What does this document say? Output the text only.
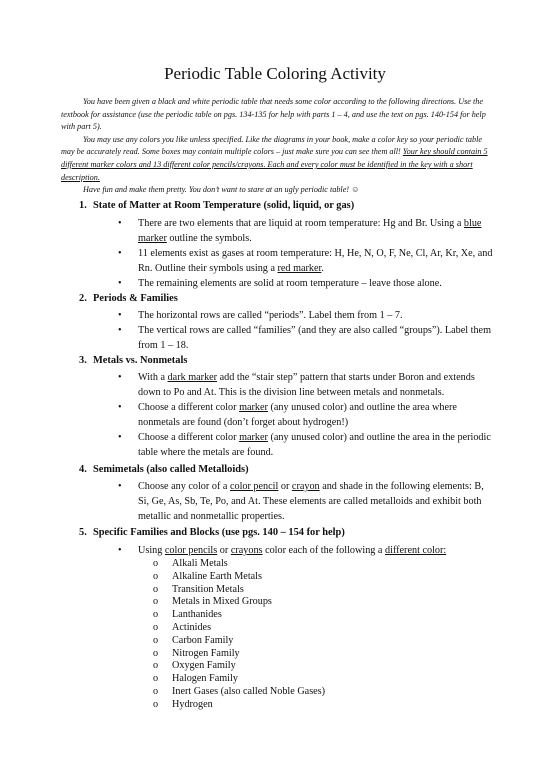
Periodic Table Coloring Activity

You have been given a black and white periodic table that needs some color according to the following directions. Use the textbook for assistance (use the periodic table on pgs. 134-135 for help with parts 1 – 4, and use the text on pgs. 140-154 for help with part 5).

You may use any colors you like unless specified. Like the diagrams in your book, make a color key so your periodic table may be accurately read. Some boxes may contain multiple colors – just make sure you can see them all! Your key should contain 5 different marker colors and 13 different color pencils/crayons. Each and every color must be identified in the key with a short description.

Have fun and make them pretty. You don’t want to stare at an ugly periodic table! ☺

1. State of Matter at Room Temperature (solid, liquid, or gas)
• There are two elements that are liquid at room temperature: Hg and Br. Using a blue marker outline the symbols.
• 11 elements exist as gases at room temperature: H, He, N, O, F, Ne, Cl, Ar, Kr, Xe, and Rn. Outline their symbols using a red marker.
• The remaining elements are solid at room temperature – leave those alone.
2. Periods & Families
• The horizontal rows are called “periods”. Label them from 1 – 7.
• The vertical rows are called “families” (and they are also called “groups”). Label them from 1 – 18.
3. Metals vs. Nonmetals
• With a dark marker add the “stair step” pattern that starts under Boron and extends down to Po and At. This is the division line between metals and nonmetals.
• Choose a different color marker (any unused color) and outline the area where nonmetals are found (don’t forget about hydrogen!)
• Choose a different color marker (any unused color) and outline the area in the periodic table where the metals are found.
4. Semimetals (also called Metalloids)
• Choose any color of a color pencil or crayon and shade in the following elements: B, Si, Ge, As, Sb, Te, Po, and At. These elements are called metalloids and exhibit both metallic and nonmetallic properties.
5. Specific Families and Blocks (use pgs. 140 – 154 for help)
• Using color pencils or crayons color each of the following a different color:
o Alkali Metals
o Alkaline Earth Metals
o Transition Metals
o Metals in Mixed Groups
o Lanthanides
o Actinides
o Carbon Family
o Nitrogen Family
o Oxygen Family
o Halogen Family
o Inert Gases (also called Noble Gases)
o Hydrogen
